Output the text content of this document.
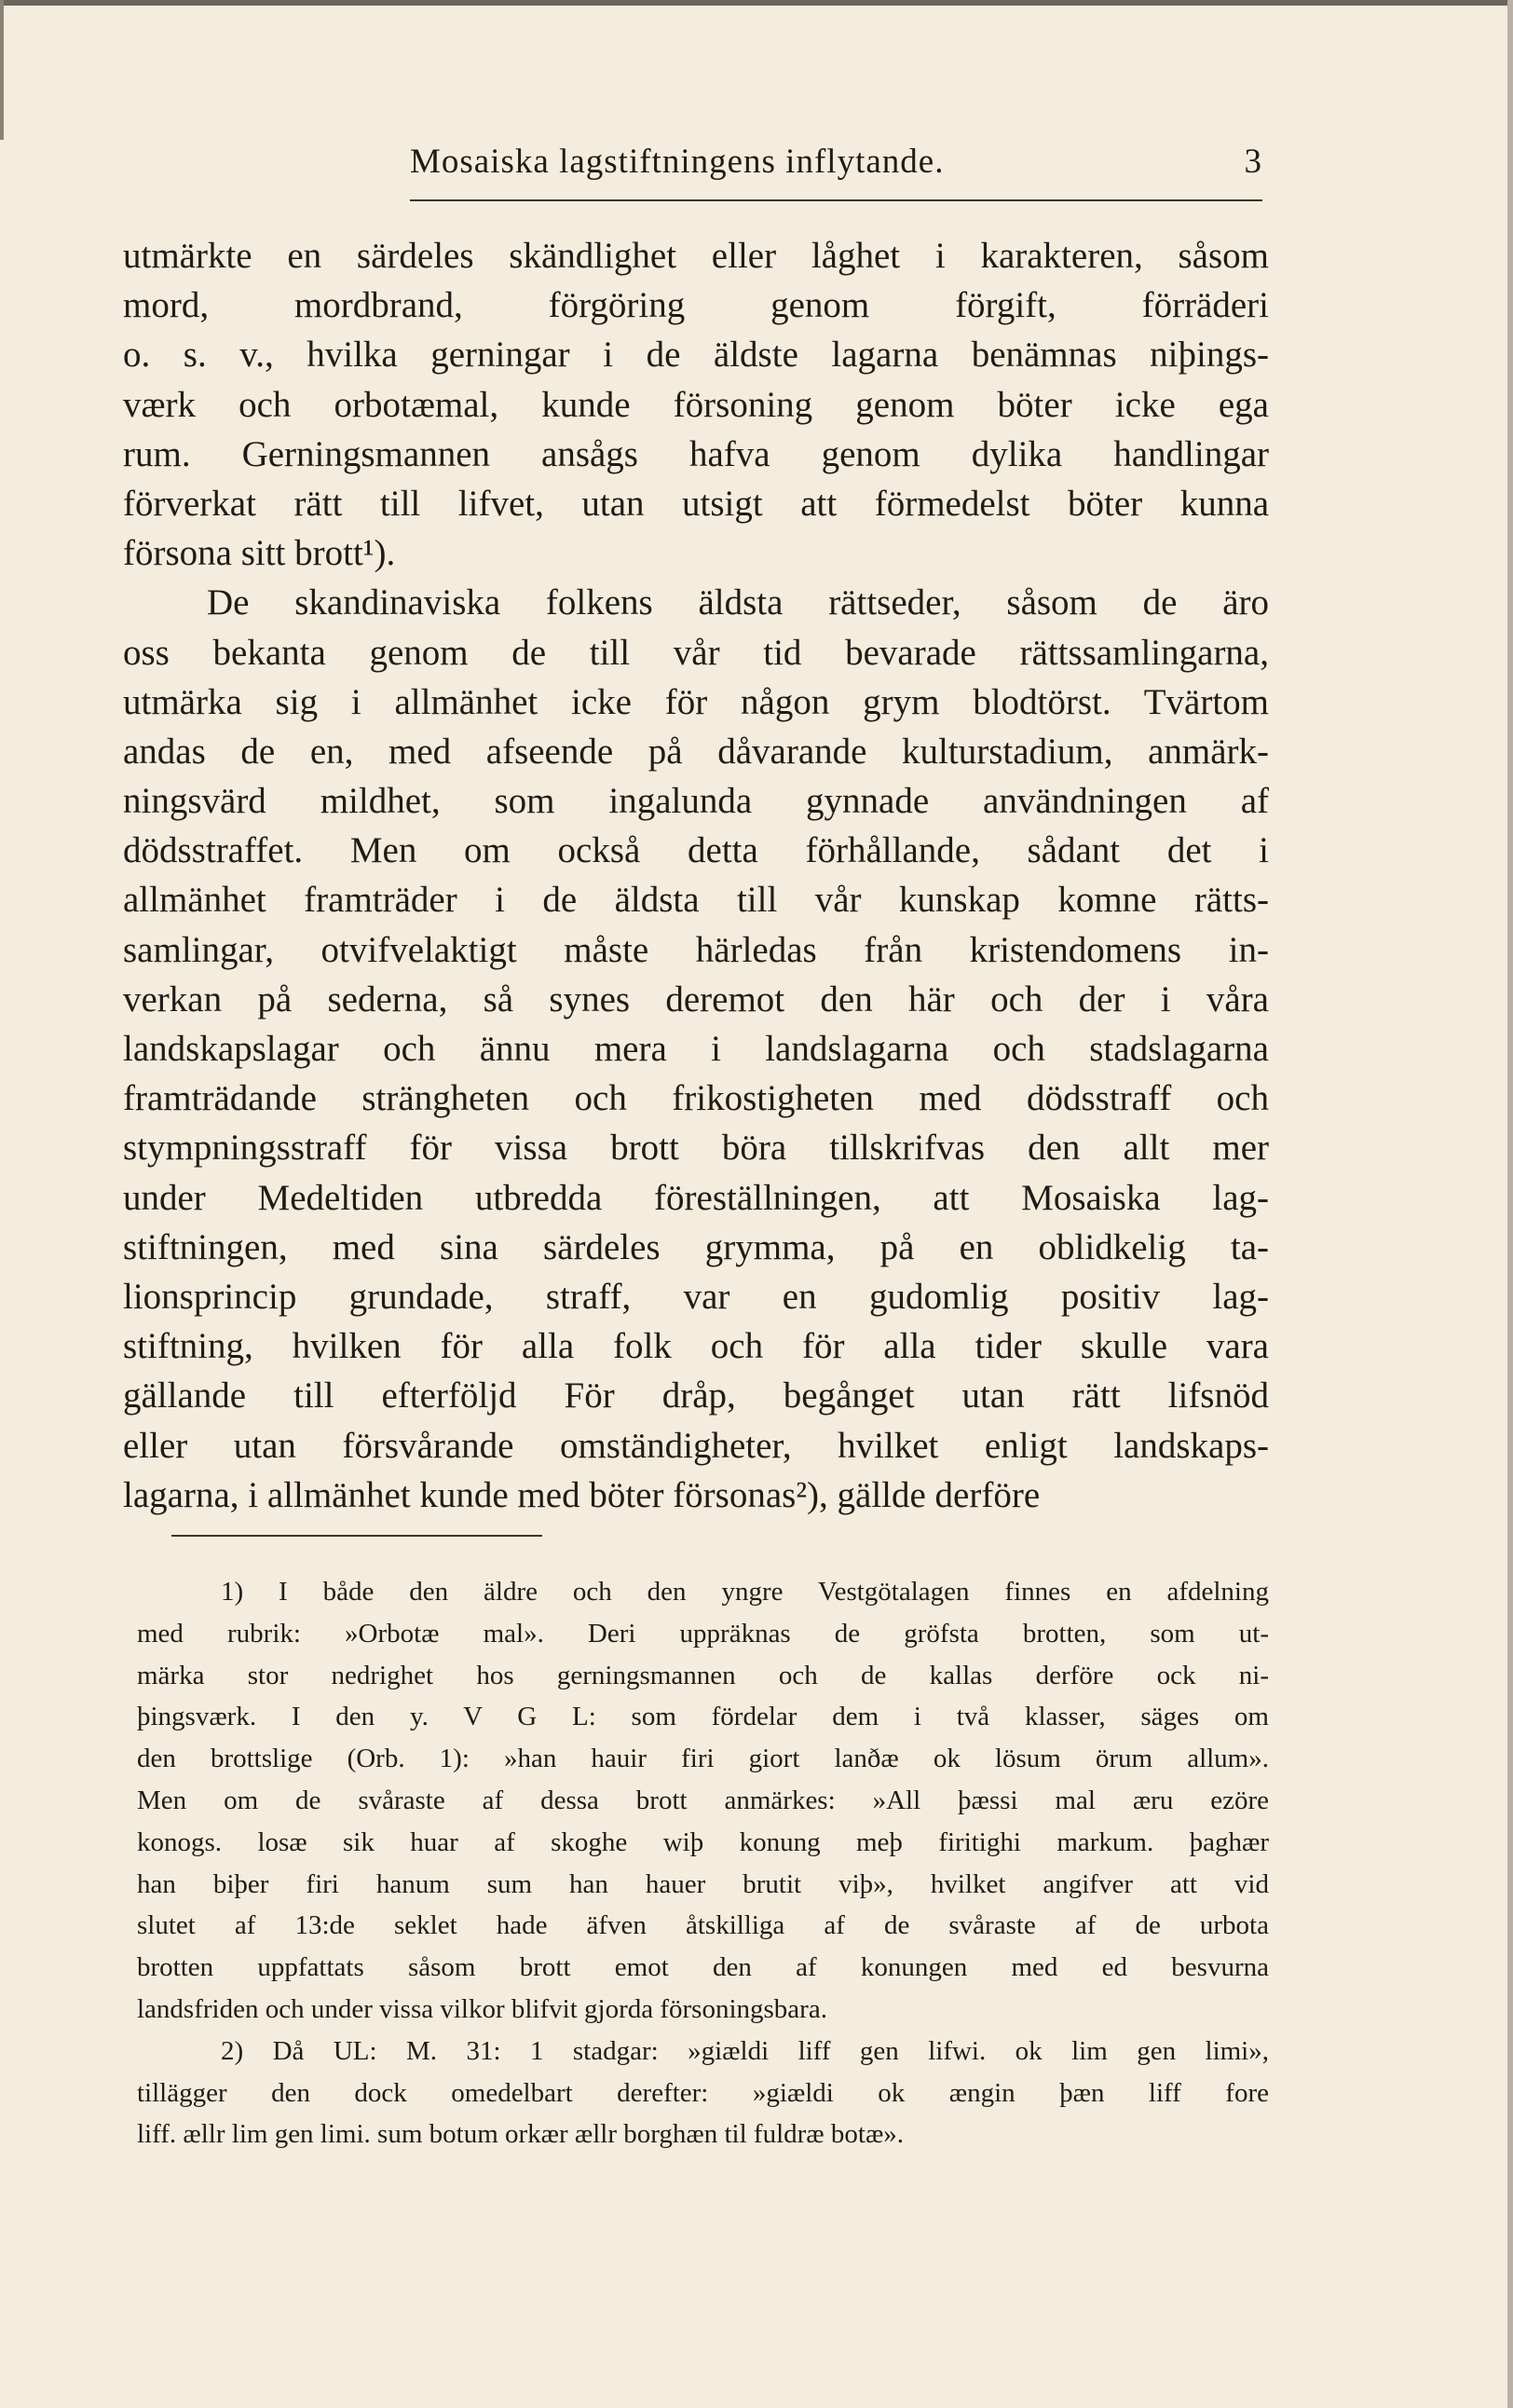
Mosaiska lagstiftningens inflytande.	3
utmärkte en särdeles skändlighet eller låghet i karakteren, såsom
mord, mordbrand, förgöring genom förgift, förräderi
o. s. v., hvilka gerningar i de äldste lagarna benämnas niþings-
værk och orbotæmal, kunde försoning genom böter icke ega
rum. Gerningsmannen ansågs hafva genom dylika handlingar
förverkat rätt till lifvet, utan utsigt att förmedelst böter kunna
försona sitt brott¹).
De skandinaviska folkens äldsta rättseder, såsom de äro
oss bekanta genom de till vår tid bevarade rättssamlingarna,
utmärka sig i allmänhet icke för någon grym blodtörst. Tvärtom
andas de en, med afseende på dåvarande kulturstadium, anmärk-
ningsvärd mildhet, som ingalunda gynnade användningen af
dödsstraffet. Men om också detta förhållande, sådant det i
allmänhet framträder i de äldsta till vår kunskap komne rätts-
samlingar, otvifvelaktigt måste härledas från kristendomens in-
verkan på sederna, så synes deremot den här och der i våra
landskapslagar och ännu mera i landslagarna och stadslagarna
framträdande strängheten och frikostigheten med dödsstraff och
stympningsstraff för vissa brott böra tillskrifvas den allt mer
under Medeltiden utbredda föreställningen, att Mosaiska lag-
stiftningen, med sina särdeles grymma, på en oblidkelig ta-
lionsprincip grundade, straff, var en gudomlig positiv lag-
stiftning, hvilken för alla folk och för alla tider skulle vara
gällande till efterföljd För dråp, begånget utan rätt lifsnöd
eller utan försvårande omständigheter, hvilket enligt landskaps-
lagarna, i allmänhet kunde med böter försonas²), gällde derföre
1) I både den äldre och den yngre Vestgötalagen finnes en afdelning
med rubrik: »Orbotæ mal». Deri uppräknas de gröfsta brotten, som ut-
märka stor nedrighet hos gerningsmannen och de kallas derföre ock ni-
þingsværk. I den y. V G L: som fördelar dem i två klasser, säges om
den brottslige (Orb. 1): »han hauir firi giort lanðæ ok lösum örum allum».
Men om de svåraste af dessa brott anmärkes: »All þæssi mal æru ezöre
konogs. losæ sik huar af skoghe wiþ konung meþ firitighi markum. þaghær
han biþer firi hanum sum han hauer brutit viþ», hvilket angifver att vid
slutet af 13:de seklet hade äfven åtskilliga af de svåraste af de urbota
brotten uppfattats såsom brott emot den af konungen med ed besvurna
landsfriden och under vissa vilkor blifvit gjorda försoningsbara.
2) Då UL: M. 31: 1 stadgar: »giældi liff gen lifwi. ok lim gen limi»,
tillägger den dock omedelbart derefter: »giældi ok ængin þæn liff fore
liff. ællr lim gen limi. sum botum orkær ællr borghæn til fuldræ botæ».
